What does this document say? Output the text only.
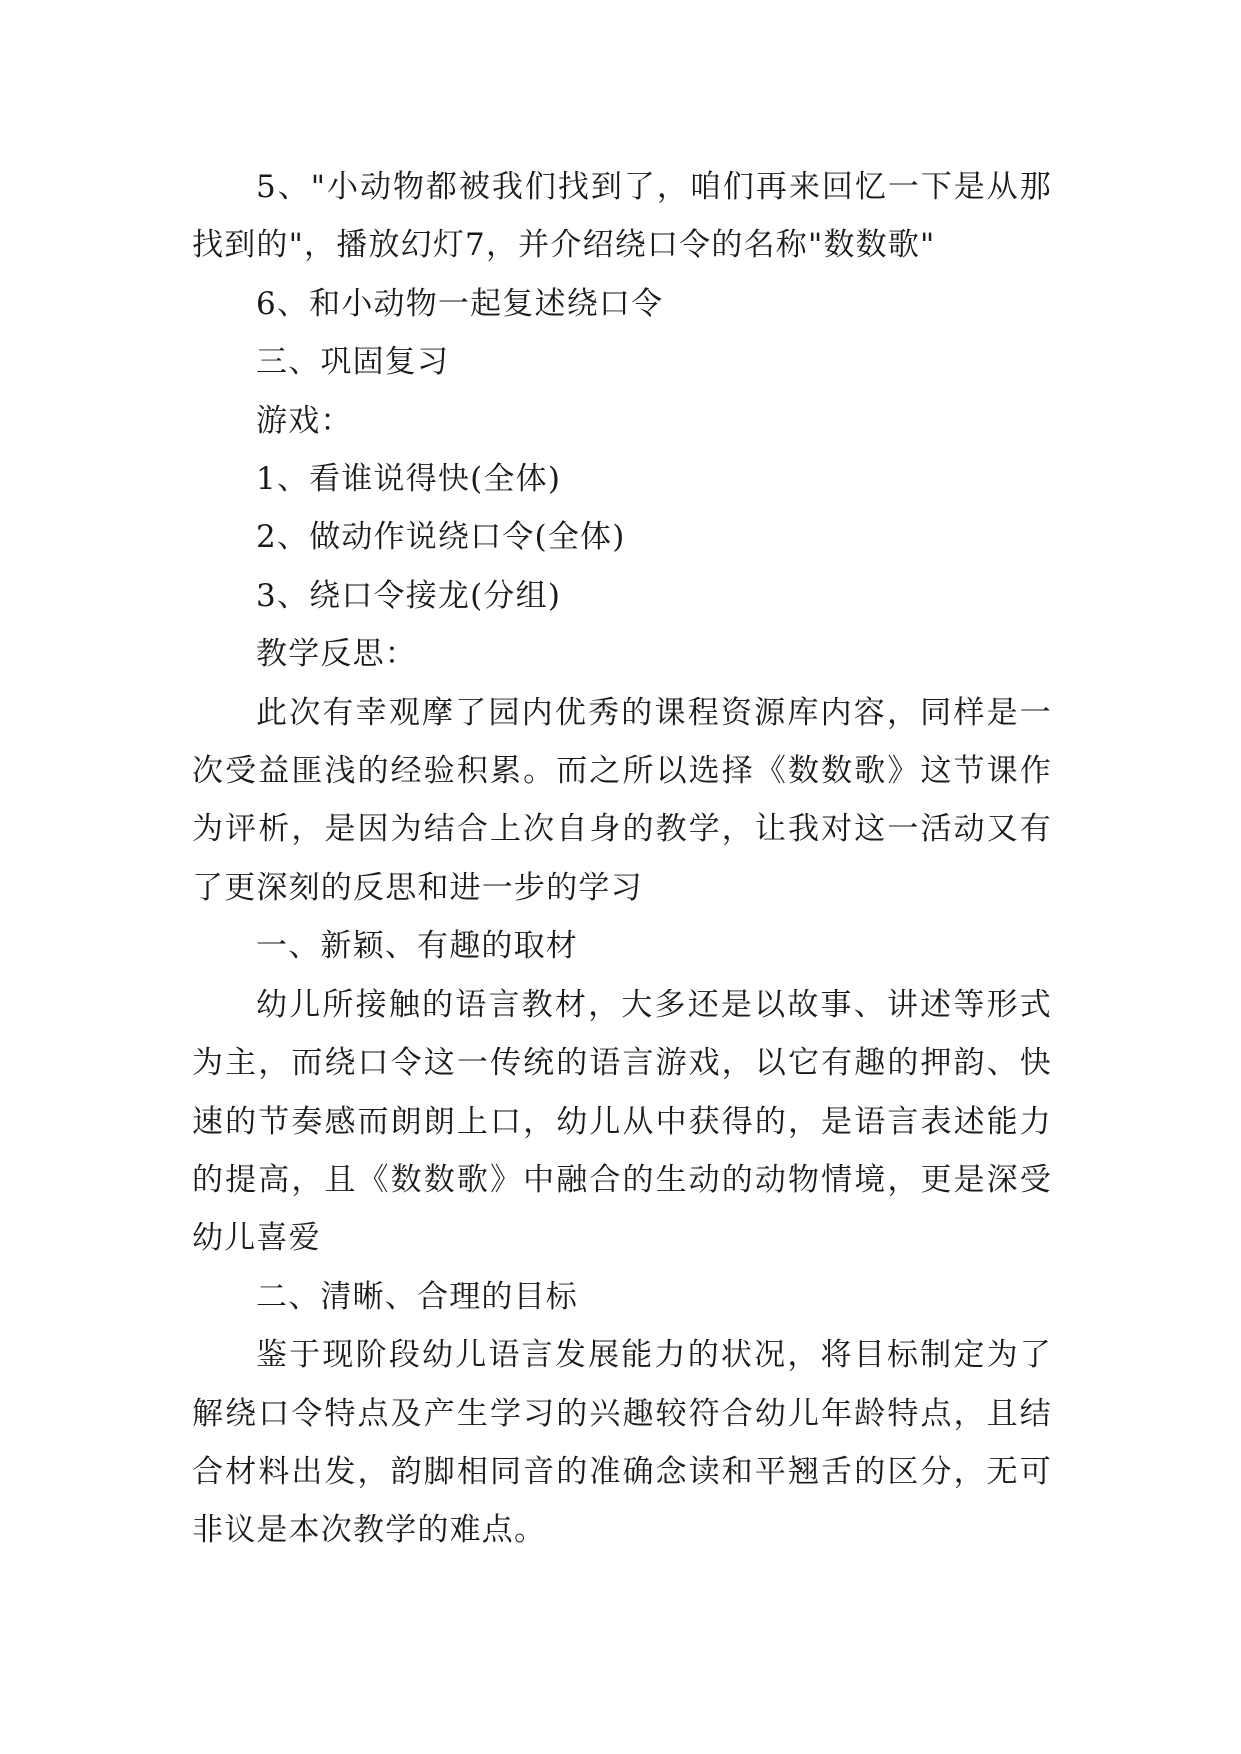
5、"小动物都被我们找到了，咱们再来回忆一下是从那找到的"，播放幻灯7，并介绍绕口令的名称"数数歌"

6、和小动物一起复述绕口令

三、巩固复习

游戏：

1、看谁说得快(全体)

2、做动作说绕口令(全体)

3、绕口令接龙(分组)

教学反思：

此次有幸观摩了园内优秀的课程资源库内容，同样是一次受益匪浅的经验积累。而之所以选择《数数歌》这节课作为评析，是因为结合上次自身的教学，让我对这一活动又有了更深刻的反思和进一步的学习

一、新颖、有趣的取材

幼儿所接触的语言教材，大多还是以故事、讲述等形式为主，而绕口令这一传统的语言游戏，以它有趣的押韵、快速的节奏感而朗朗上口，幼儿从中获得的，是语言表述能力的提高，且《数数歌》中融合的生动的动物情境，更是深受幼儿喜爱

二、清晰、合理的目标

鉴于现阶段幼儿语言发展能力的状况，将目标制定为了解绕口令特点及产生学习的兴趣较符合幼儿年龄特点，且结合材料出发，韵脚相同音的准确念读和平翘舌的区分，无可非议是本次教学的难点。
